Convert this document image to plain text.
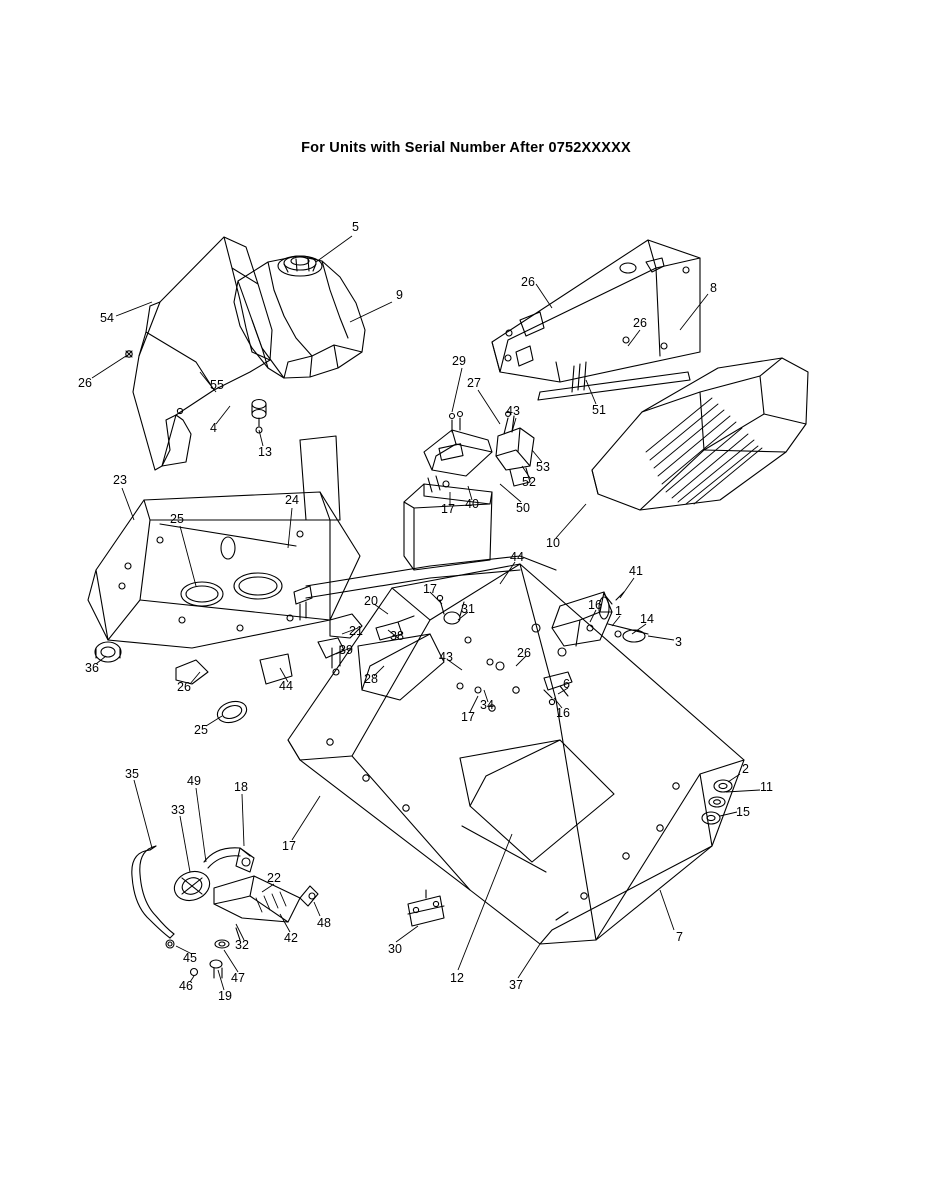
For Units with Serial Number After 0752XXXXX
5
9
54
26	55
4
13
26	8
26
51
29
27
43
53
52
17 40	50
10
23
25
24
36
26	44
25
44
17
20
21
39
38
31
43	26
34
17	16
6
16 1
14
3
41
28
2
11
15
7
37
12
30
17
35	49	18
33
22
48
42
32
45
47
46
19
